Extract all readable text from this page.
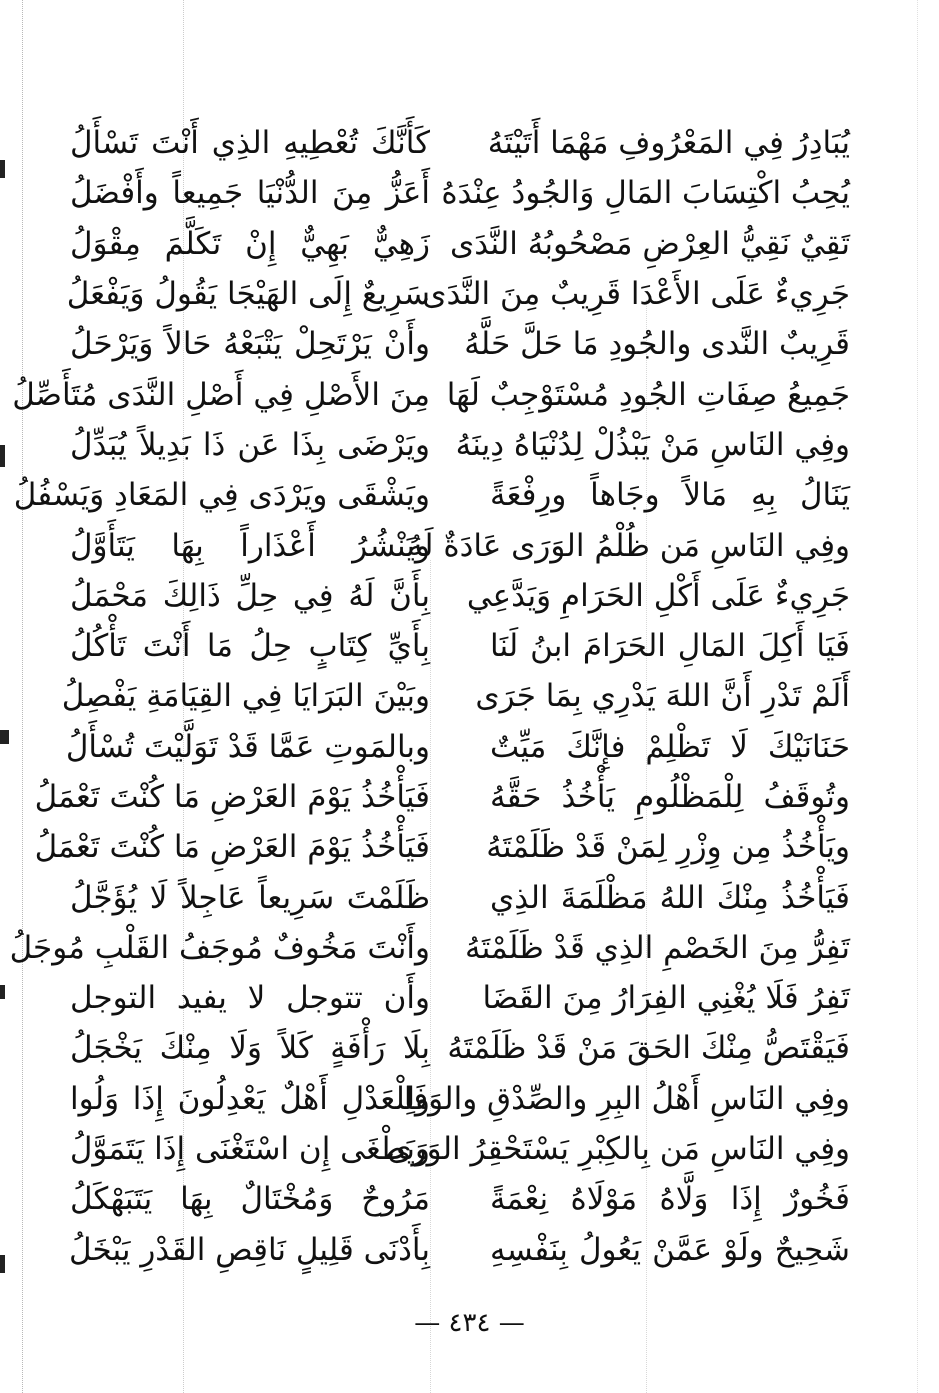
كَأَنَّكَ تُعْطِيهِ الذِي أَنْتَ تَسْأَلُ يُبَادِرُ فِي المَعْرُوفِ مَهْمَا أَتَيْتَهُ
أَعَزُّ مِنَ الدُّنْيَا جَمِيعاً وأَفْضَلُ يُحِبُ اكْتِسَابَ المَالِ وَالجُودُ عِنْدَهُ
زَهِيٌّ بَهِيٌّ إِنْ تَكَلَّمَ مِقْوَلُ تَقِيٌ نَقِيُّ العِرْضِ مَصْحُوبُهُ النَّدَى
سَرِيعٌ إِلَى الهَيْجَا يَقُولُ وَيَفْعَلُ
جَرِيءٌ عَلَى الأَعْدَا قَرِيبٌ مِنَ النَّدَى
وأَنْ يَرْتَحِلْ يَتْبَعْهُ حَالاً وَيَرْحَلُ قَرِيبٌ النَّدى والجُودِ مَا حَلَّ حَلَّهُ
مِنَ الأَصْلِ فِي أَصْلِ النَّدَى مُتَأَصِّلُ جَمِيعُ صِفَاتِ الجُودِ مُسْتَوْجِبٌ لَهَا
ويَرْضَى بِذَا عَن ذَا بَدِيلاً يُبَدِّلُ وفِي النَاسِ مَنْ يَبْذُلْ لِدُنْيَاهُ دِينَهُ
ويَشْقَى ويَرْدَى فِي المَعَادِ وَيَسْفُلُ يَنَالُ بِهِ مَالاً وجَاهاً ورِفْعَةً
ويَنْشُرُ أَعْذَاراً بِهَا يَتَأَوَّلُ
وفِي النَاسِ مَن ظُلْمُ الوَرَى عَادَةٌ لَهُ
بِأَنَّ لَهُ فِي حِلِّ ذَالِكَ مَحْمَلُ جَرِيءٌ عَلَى أَكْلِ الحَرَامِ وَيَدَّعِي
بِأَيِّ كِتَابٍ حِلُ مَا أَنْتَ تَأْكُلُ فَيَا أَكِلَ المَالِ الحَرَامَ ابنُ لَنَا
وبَيْنَ البَرَايَا فِي القِيَامَةِ يَفْصِلُ أَلَمْ تَدْرِ أَنَّ اللهَ يَدْرِي بِمَا جَرَى
وبالمَوتِ عَمَّا قَدْ تَوَلَّيْتَ تُسْأَلُ حَنَانَيْكَ لَا تَظْلِمْ فإِنَّكَ مَيِّتٌ
فَيَأْخُذُ يَوْمَ العَرْضِ مَا كُنْتَ تَعْمَلُ وتُوقَفُ لِلْمَظْلُومِ يَأْخُذُ حَقَّهُ
فَيَأْخُذُ يَوْمَ العَرْضِ مَا كُنْتَ تَعْمَلُ ويَأْخُذُ مِن وِزْرِ لِمَنْ قَدْ ظَلَمْتَهُ
ظَلَمْتَ سَرِيعاً عَاجِلاً لَا يُؤَجَّلُ فَيَأْخُذُ مِنْكَ اللهُ مَظْلَمَةَ الذِي
وأَنْتَ مَخُوفٌ مُوجَفُ القَلْبِ مُوجَلُ تَفِرُّ مِنَ الخَصْمِ الذِي قَدْ ظَلَمْتَهُ
وأَن تتوجل لا يفيد التوجل تَفِرُ فَلَا يُغْنِي الفِرَارُ مِنَ القَضَا
بِلَا رَأْفَةٍ كَلاً وَلَا مِنْكَ يَخْجَلُ فَيَقْتَصُّ مِنْكَ الحَقَ مَنْ قَدْ ظَلَمْتَهُ
ولِلْعَدْلِ أَهْلٌ يَعْدِلُونَ إِذَا وَلُوا
وفِي النَاسِ أَهْلُ البِرِ والصِّدْقِ والوَفَا
ويَطْغَى إِن اسْتَغْنَى إِذَا يَتَمَوَّلُ
وفِي النَاسِ مَن بِالكِبْرِ يَسْتَحْقِرُ الوَرَى
مَرُوحٌ وَمُخْتَالٌ بِهَا يَتَبَهْكَلُ فَخُورٌ إِذَا وَلَّاهُ مَوْلَاهُ نِعْمَةً
بِأَدْنَى قَلِيلٍ نَاقِصِ القَدْرِ يَبْخَلُ شَحِيحٌ ولَوْ عَمَّنْ يَعُولُ بِنَفْسِهِ
— ٤٣٤ —
